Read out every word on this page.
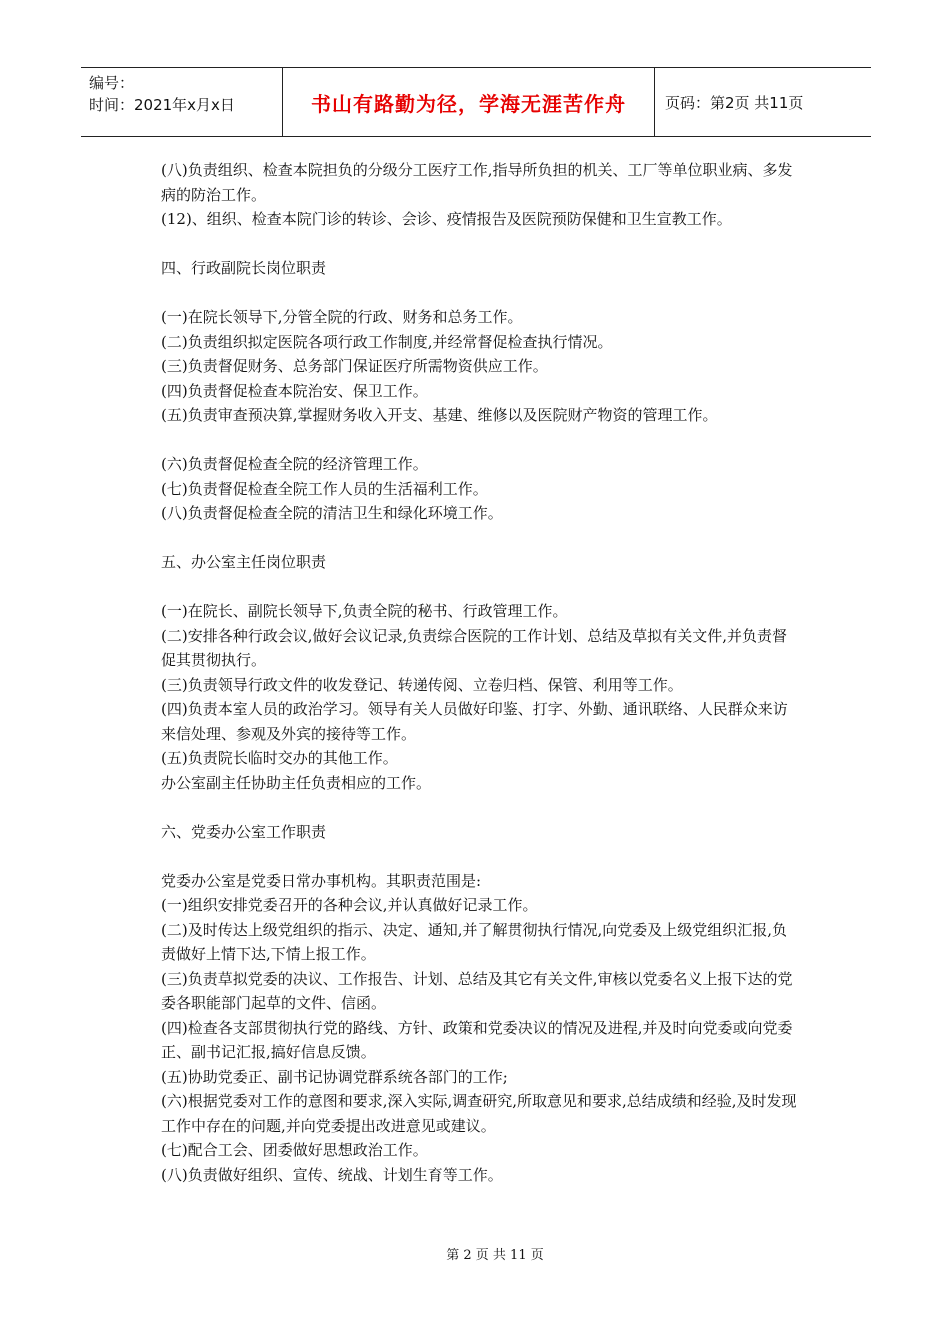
编号：
时间：2021年x月x日	书山有路勤为径，学海无涯苦作舟	页码：第2页 共11页

(八)负责组织、检查本院担负的分级分工医疗工作,指导所负担的机关、工厂等单位职业病、多发病的防治工作。

(12)、组织、检查本院门诊的转诊、会诊、疫情报告及医院预防保健和卫生宣教工作。

四、行政副院长岗位职责

(一)在院长领导下,分管全院的行政、财务和总务工作。

(二)负责组织拟定医院各项行政工作制度,并经常督促检查执行情况。

(三)负责督促财务、总务部门保证医疗所需物资供应工作。

(四)负责督促检查本院治安、保卫工作。

(五)负责审查预决算,掌握财务收入开支、基建、维修以及医院财产物资的管理工作。

(六)负责督促检查全院的经济管理工作。

(七)负责督促检查全院工作人员的生活福利工作。

(八)负责督促检查全院的清洁卫生和绿化环境工作。

五、办公室主任岗位职责

(一)在院长、副院长领导下,负责全院的秘书、行政管理工作。

(二)安排各种行政会议,做好会议记录,负责综合医院的工作计划、总结及草拟有关文件,并负责督促其贯彻执行。

(三)负责领导行政文件的收发登记、转递传阅、立卷归档、保管、利用等工作。

(四)负责本室人员的政治学习。领导有关人员做好印鉴、打字、外勤、通讯联络、人民群众来访来信处理、参观及外宾的接待等工作。

(五)负责院长临时交办的其他工作。

办公室副主任协助主任负责相应的工作。

六、党委办公室工作职责

党委办公室是党委日常办事机构。其职责范围是:

(一)组织安排党委召开的各种会议,并认真做好记录工作。

(二)及时传达上级党组织的指示、决定、通知,并了解贯彻执行情况,向党委及上级党组织汇报,负责做好上情下达,下情上报工作。

(三)负责草拟党委的决议、工作报告、计划、总结及其它有关文件,审核以党委名义上报下达的党委各职能部门起草的文件、信函。

(四)检查各支部贯彻执行党的路线、方针、政策和党委决议的情况及进程,并及时向党委或向党委正、副书记汇报,搞好信息反馈。

(五)协助党委正、副书记协调党群系统各部门的工作;

(六)根据党委对工作的意图和要求,深入实际,调查研究,所取意见和要求,总结成绩和经验,及时发现工作中存在的问题,并向党委提出改进意见或建议。

(七)配合工会、团委做好思想政治工作。

(八)负责做好组织、宣传、统战、计划生育等工作。

第 2 页 共 11 页
